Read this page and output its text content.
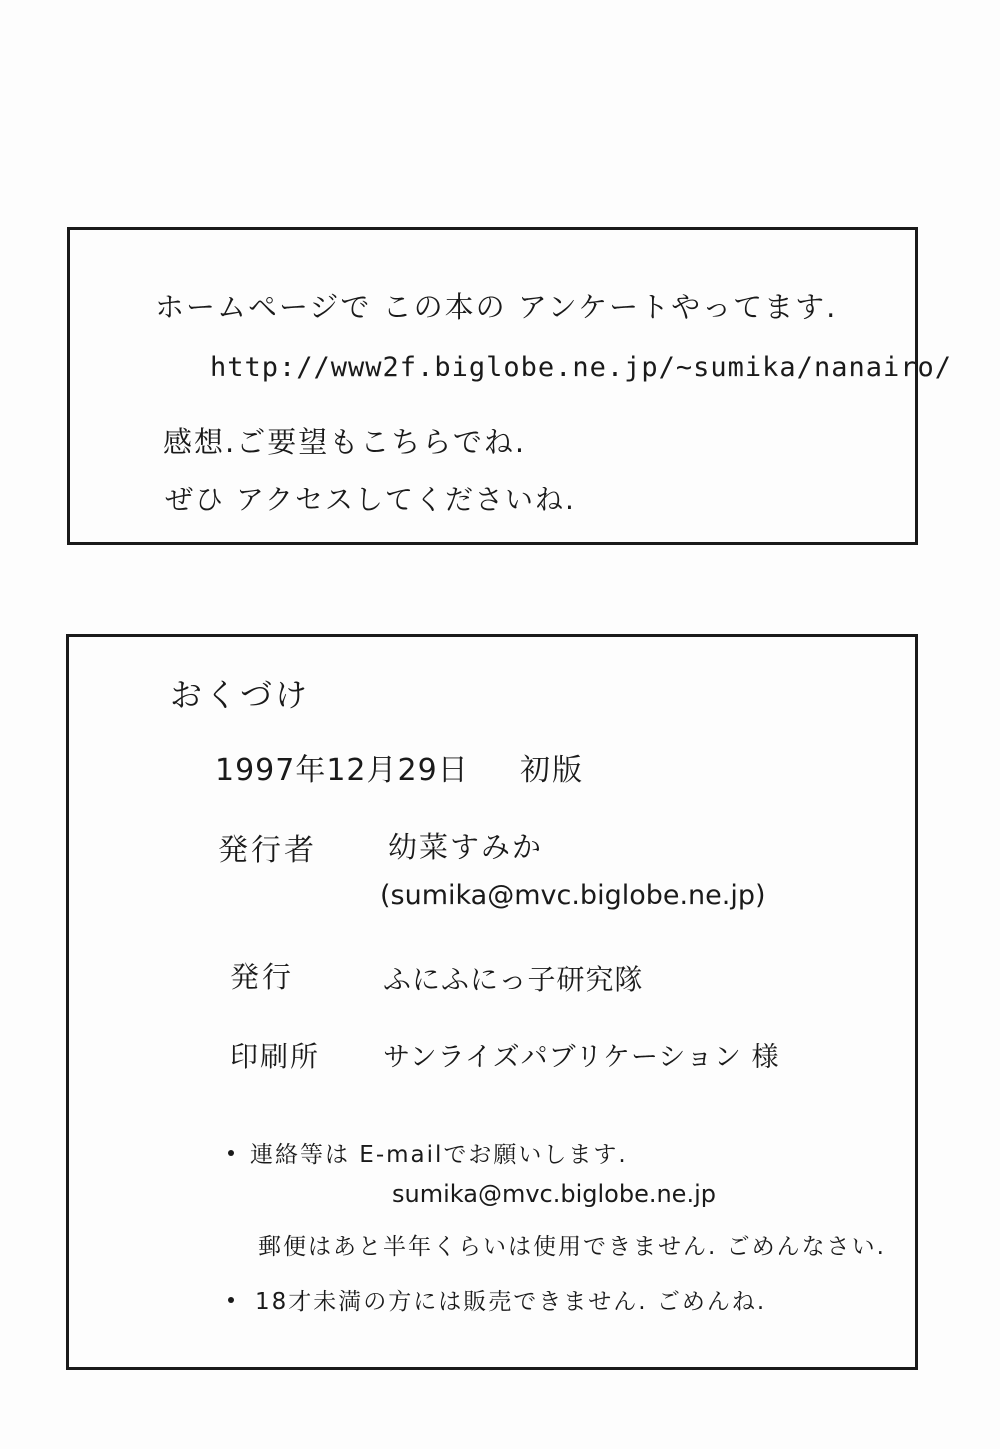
ホームページで この本の アンケートやってます.
http://www2f.biglobe.ne.jp/~sumika/nanairo/
感想.ご要望もこちらでね.
ぜひ アクセスしてくださいね.
おくづけ
1997年12月29日 初版
発行者 幼菜すみか
(sumika@mvc.biglobe.ne.jp)
発行	ふにふにっ子研究隊
印刷所 サンライズパブリケーション 様
連絡等は E-mailでお願いします.
sumika@mvc.biglobe.ne.jp
郵便はあと半年くらいは使用できません. ごめんなさい.
18才未満の方には販売できません. ごめんね.
